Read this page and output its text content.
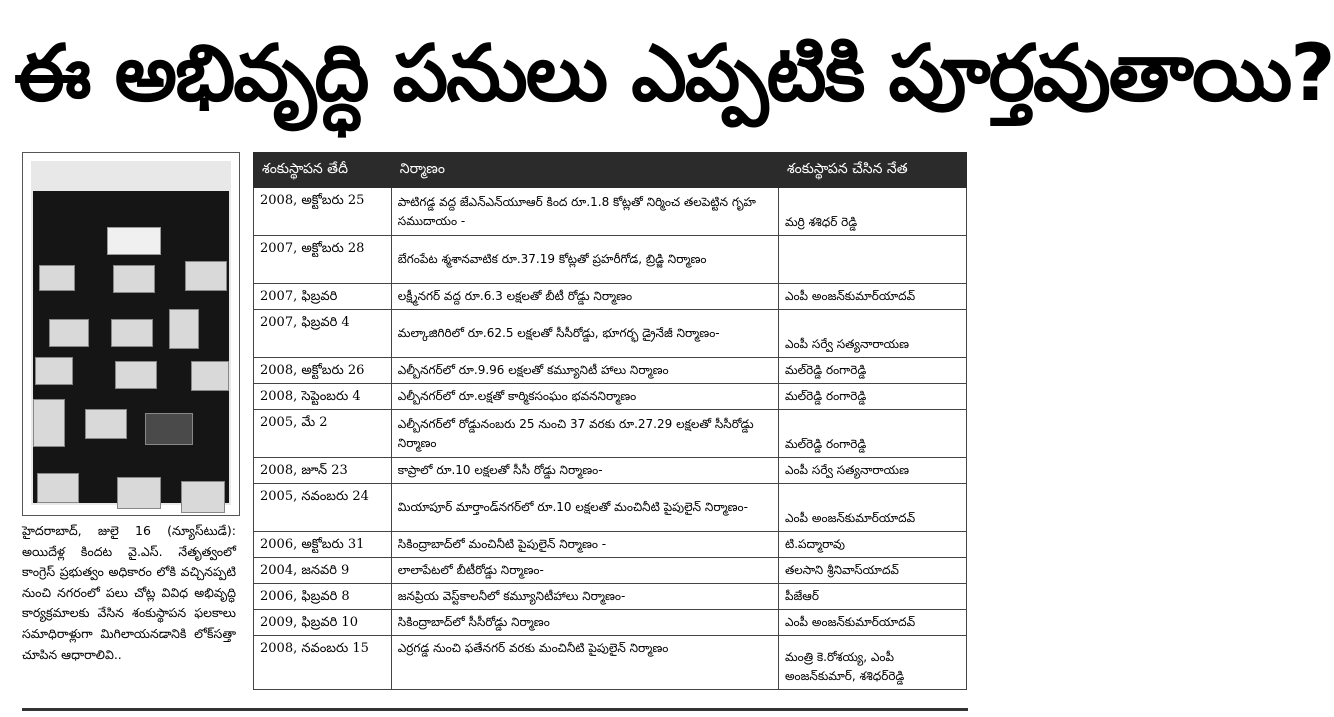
ఈ అభివృద్ధి పనులు ఎప్పటికి పూర్తవుతాయి?
హైదరాబాద్, జులై 16 (న్యూస్‌టుడే): అయిదేళ్ల కిందట వై.ఎస్. నేతృత్వంలో కాంగ్రెస్ ప్రభుత్వం అధికారం లోకి వచ్చినప్పటి నుంచి నగరంలో పలు చోట్ల వివిధ అభివృద్ధి కార్యక్రమాలకు వేసిన శంకుస్థాపన ఫలకాలు సమాధిరాళ్లుగా మిగిలాయనడానికి లోక్‌సత్తా చూపిన ఆధారాలివి..
శంకుస్థాపన తేదీ	నిర్మాణం	శంకుస్థాపన చేసిన నేత
2008, అక్టోబరు 25	పాటిగడ్డ వద్ద జేఎన్ఎన్‌యూఆర్ కింద రూ.1.8 కోట్లతో నిర్మించ తలపెట్టిన గృహ సముదాయం -	మర్రి శశిధర్ రెడ్డి
2007, అక్టోబరు 28	బేగంపేట శ్మశానవాటిక రూ.37.19 కోట్లతో ప్రహరీగోడ, బ్రిడ్జి నిర్మాణం	
2007, ఫిబ్రవరి	లక్ష్మీనగర్ వద్ద రూ.6.3 లక్షలతో బీటీ రోడ్డు నిర్మాణం	ఎంపీ అంజన్‌కుమార్‌యాదవ్
2007, ఫిబ్రవరి 4	మల్కాజిగిరిలో రూ.62.5 లక్షలతో సీసీరోడ్డు, భూగర్భ డ్రైనేజీ నిర్మాణం-	ఎంపీ సర్వే సత్యనారాయణ
2008, అక్టోబరు 26	ఎల్బీనగర్‌లో రూ.9.96 లక్షలతో కమ్యూనిటీ హాలు నిర్మాణం	మల్‌రెడ్డి రంగారెడ్డి
2008, సెప్టెంబరు 4	ఎల్బీనగర్‌లో రూ.లక్షతో కార్మికసంఘం భవననిర్మాణం	మల్‌రెడ్డి రంగారెడ్డి
2005, మే 2	ఎల్బీనగర్‌లో రోడ్డునంబరు 25 నుంచి 37 వరకు రూ.27.29 లక్షలతో సీసీరోడ్డు నిర్మాణం	మల్‌రెడ్డి రంగారెడ్డి
2008, జూన్ 23	కాప్రాలో రూ.10 లక్షలతో సీసీ రోడ్డు నిర్మాణం-	ఎంపీ సర్వే సత్యనారాయణ
2005, నవంబరు 24	మియాపూర్ మార్తాండ్‌నగర్‌లో రూ.10 లక్షలతో మంచినీటి పైపులైన్ నిర్మాణం-	ఎంపీ అంజన్‌కుమార్‌యాదవ్
2006, అక్టోబరు 31	సికింద్రాబాద్‌లో మంచినీటి పైపులైన్ నిర్మాణం -	టి.పద్మారావు
2004, జనవరి 9	లాలాపేటలో బీటీరోడ్డు నిర్మాణం-	తలసాని శ్రీనివాస్‌యాదవ్
2006, ఫిబ్రవరి 8	జనప్రియ వెస్ట్‌కాలనీలో కమ్యూనిటీహాలు నిర్మాణం-	పీజేఆర్
2009, ఫిబ్రవరి 10	సికింద్రాబాద్‌లో సీసీరోడ్డు నిర్మాణం	ఎంపీ అంజన్‌కుమార్‌యాదవ్
2008, నవంబరు 15	ఎర్రగడ్డ నుంచి ఫతేనగర్ వరకు మంచినీటి పైపులైన్ నిర్మాణం	మంత్రి కె.రోశయ్య, ఎంపీ అంజన్‌కుమార్, శశిధర్‌రెడ్డి
